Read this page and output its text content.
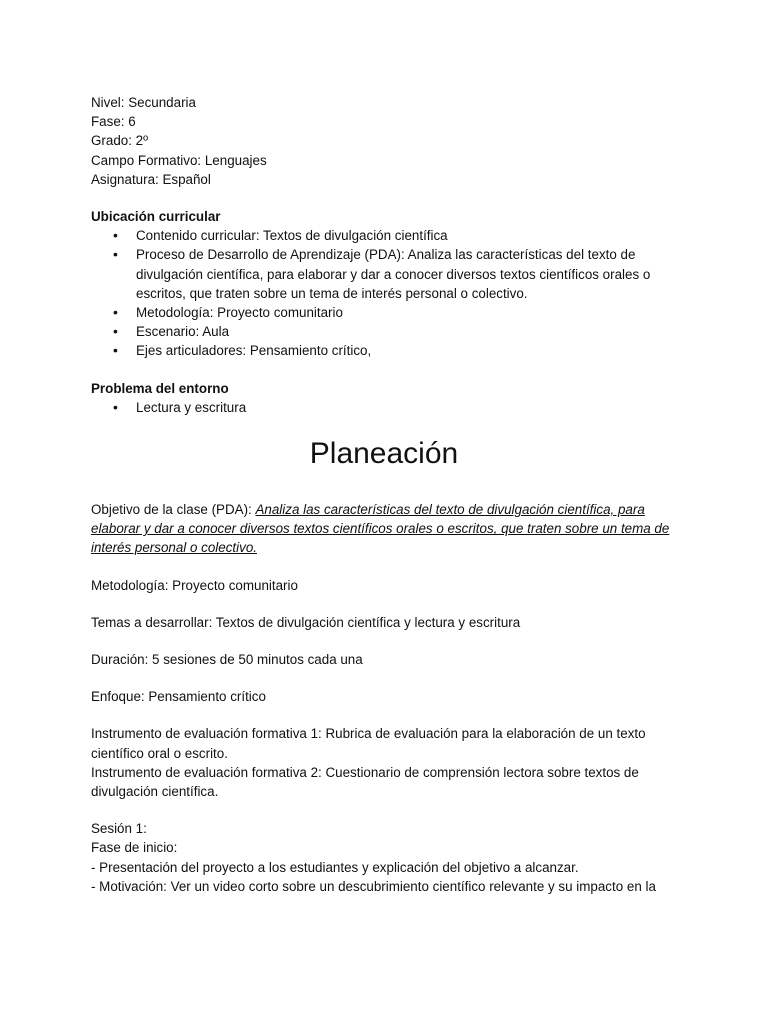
Nivel: Secundaria
Fase: 6
Grado: 2º
Campo Formativo: Lenguajes
Asignatura: Español
Ubicación curricular
• Contenido curricular: Textos de divulgación científica
• Proceso de Desarrollo de Aprendizaje (PDA): Analiza las características del texto de divulgación científica, para elaborar y dar a conocer diversos textos científicos orales o escritos, que traten sobre un tema de interés personal o colectivo.
• Metodología: Proyecto comunitario
• Escenario: Aula
• Ejes articuladores: Pensamiento crítico,
Problema del entorno
• Lectura y escritura
Planeación
Objetivo de la clase (PDA): Analiza las características del texto de divulgación científica, para elaborar y dar a conocer diversos textos científicos orales o escritos, que traten sobre un tema de interés personal o colectivo.
Metodología: Proyecto comunitario
Temas a desarrollar: Textos de divulgación científica y lectura y escritura
Duración: 5 sesiones de 50 minutos cada una
Enfoque: Pensamiento crítico
Instrumento de evaluación formativa 1: Rubrica de evaluación para la elaboración de un texto científico oral o escrito.
Instrumento de evaluación formativa 2: Cuestionario de comprensión lectora sobre textos de divulgación científica.
Sesión 1:
Fase de inicio:
- Presentación del proyecto a los estudiantes y explicación del objetivo a alcanzar.
- Motivación: Ver un video corto sobre un descubrimiento científico relevante y su impacto en la
